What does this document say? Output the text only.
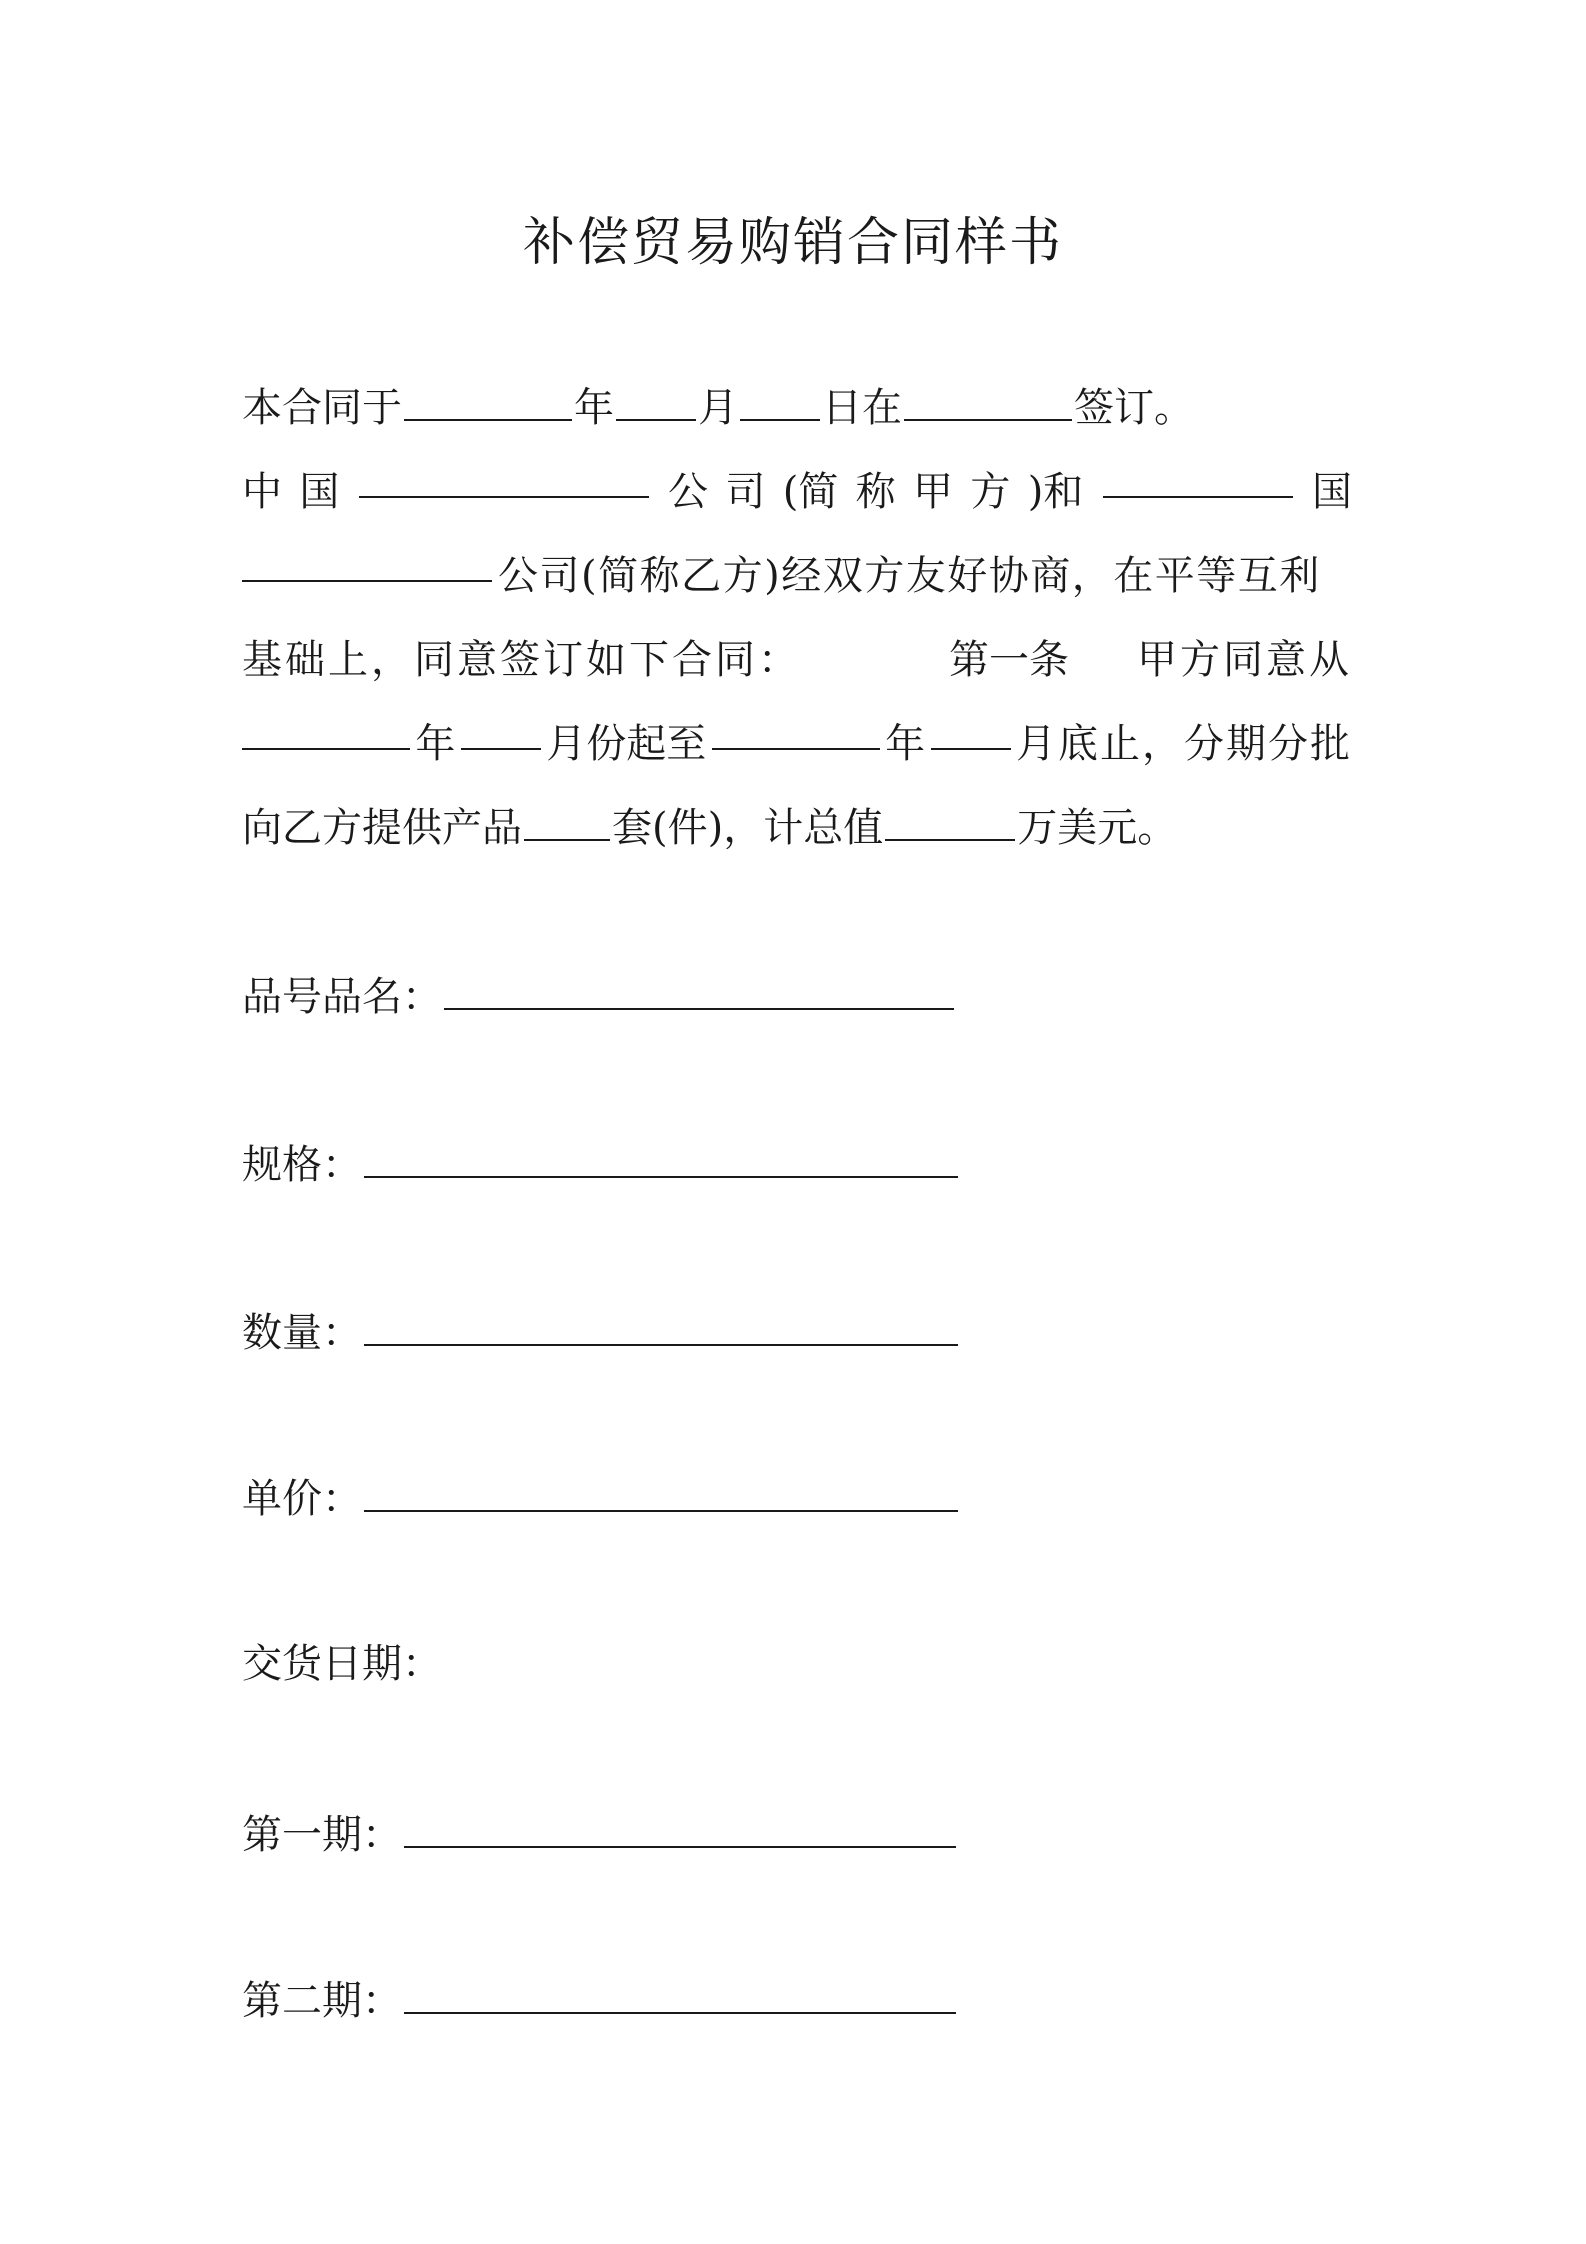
补偿贸易购销合同样书
本合同于	年 月 日在	签订。
中 国	公 司 (简 称 甲 方 )和	国
公司(简称乙方)经双方友好协商，在平等互利
基础上，同意签订如下合同：	第一条 甲方同意从
年 月份起至	年 月底止，分期分批
向乙方提供产品 套(件)，计总值	万美元。
品号品名：
规格：
数量：
单价：
交货日期：
第一期：
第二期：
